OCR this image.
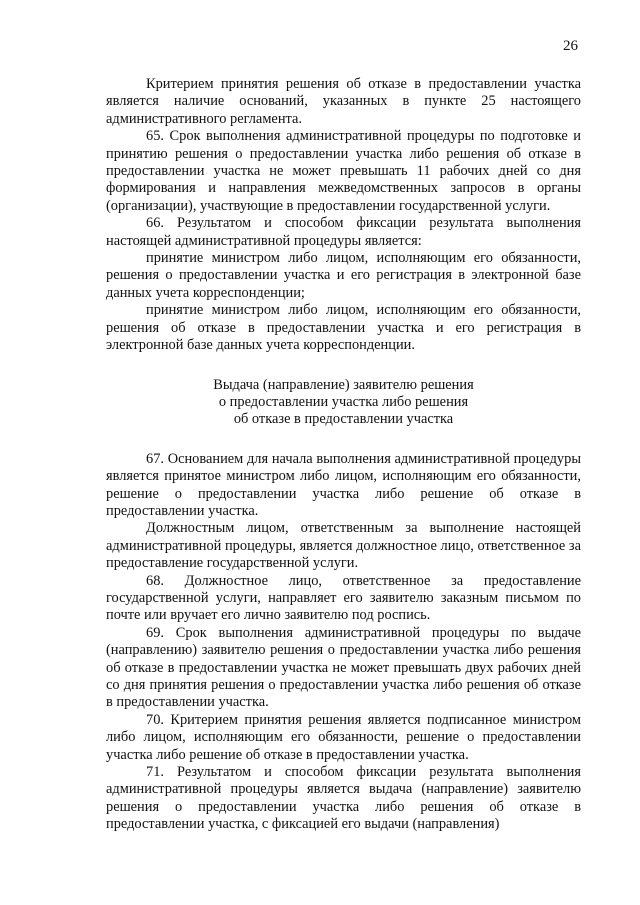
26

Критерием принятия решения об отказе в предоставлении участка является наличие оснований, указанных в пункте 25 настоящего административного регламента.

65. Срок выполнения административной процедуры по подготовке и принятию решения о предоставлении участка либо решения об отказе в предоставлении участка не может превышать 11 рабочих дней со дня формирования и направления межведомственных запросов в органы (организации), участвующие в предоставлении государственной услуги.

66. Результатом и способом фиксации результата выполнения настоящей административной процедуры является:

принятие министром либо лицом, исполняющим его обязанности, решения о предоставлении участка и его регистрация в электронной базе данных учета корреспонденции;

принятие министром либо лицом, исполняющим его обязанности, решения об отказе в предоставлении участка и его регистрация в электронной базе данных учета корреспонденции.

Выдача (направление) заявителю решения
о предоставлении участка либо решения
об отказе в предоставлении участка

67. Основанием для начала выполнения административной процедуры является принятое министром либо лицом, исполняющим его обязанности, решение о предоставлении участка либо решение об отказе в предоставлении участка.

Должностным лицом, ответственным за выполнение настоящей административной процедуры, является должностное лицо, ответственное за предоставление государственной услуги.

68. Должностное лицо, ответственное за предоставление государственной услуги, направляет его заявителю заказным письмом по почте или вручает его лично заявителю под роспись.

69. Срок выполнения административной процедуры по выдаче (направлению) заявителю решения о предоставлении участка либо решения об отказе в предоставлении участка не может превышать двух рабочих дней со дня принятия решения о предоставлении участка либо решения об отказе в предоставлении участка.

70. Критерием принятия решения является подписанное министром либо лицом, исполняющим его обязанности, решение о предоставлении участка либо решение об отказе в предоставлении участка.

71. Результатом и способом фиксации результата выполнения административной процедуры является выдача (направление) заявителю решения о предоставлении участка либо решения об отказе в предоставлении участка, с фиксацией его выдачи (направления)
